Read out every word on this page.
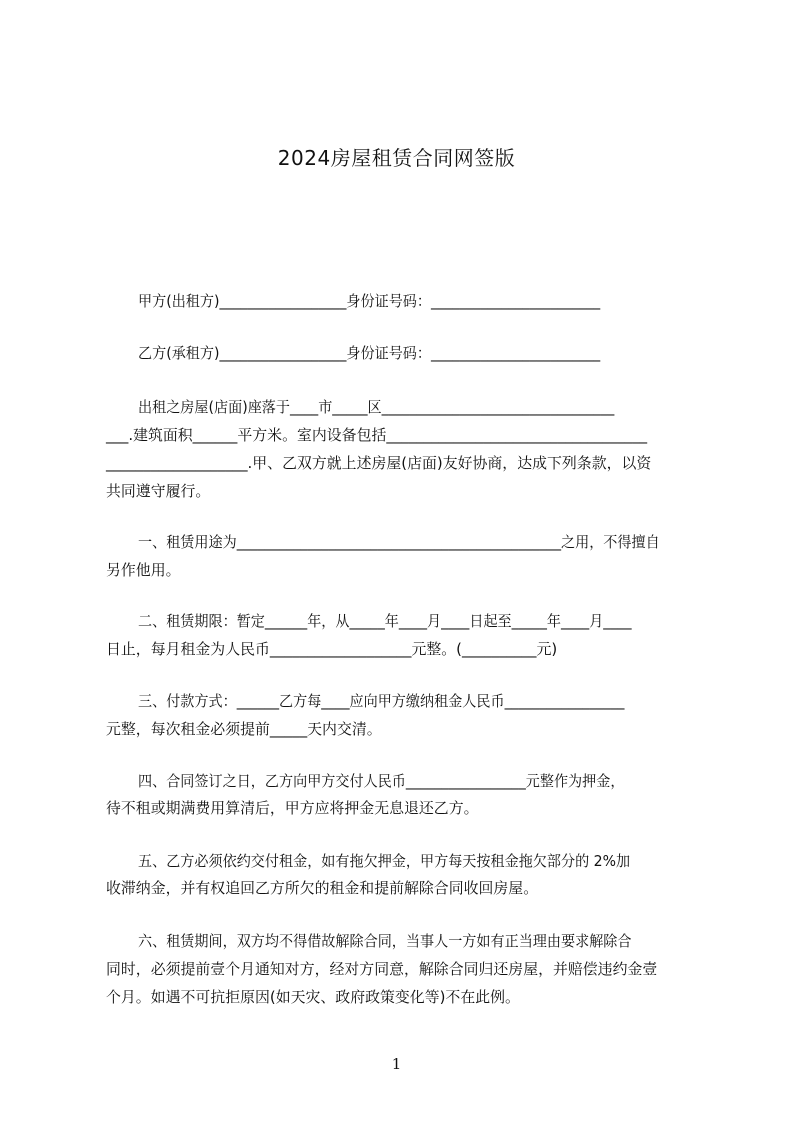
2024房屋租赁合同网签版
甲方(出租方)__________________身份证号码：________________________
乙方(承租方)__________________身份证号码：________________________
出租之房屋(店面)座落于____市_____区_________________________________
___.建筑面积______平方米。室内设备包括___________________________________
___________________.甲、乙双方就上述房屋(店面)友好协商，达成下列条款，以资
共同遵守履行。
一、租赁用途为______________________________________________之用，不得擅自
另作他用。
二、租赁期限：暂定______年，从_____年____月____日起至_____年____月____
日止，每月租金为人民币___________________元整。(__________元)
三、付款方式：______乙方每____应向甲方缴纳租金人民币_________________
元整，每次租金必须提前_____天内交清。
四、合同签订之日，乙方向甲方交付人民币_________________元整作为押金，
待不租或期满费用算清后，甲方应将押金无息退还乙方。
五、乙方必须依约交付租金，如有拖欠押金，甲方每天按租金拖欠部分的 2%加
收滞纳金，并有权追回乙方所欠的租金和提前解除合同收回房屋。
六、租赁期间，双方均不得借故解除合同，当事人一方如有正当理由要求解除合
同时，必须提前壹个月通知对方，经对方同意，解除合同归还房屋，并赔偿违约金壹
个月。如遇不可抗拒原因(如天灾、政府政策变化等)不在此例。
1
